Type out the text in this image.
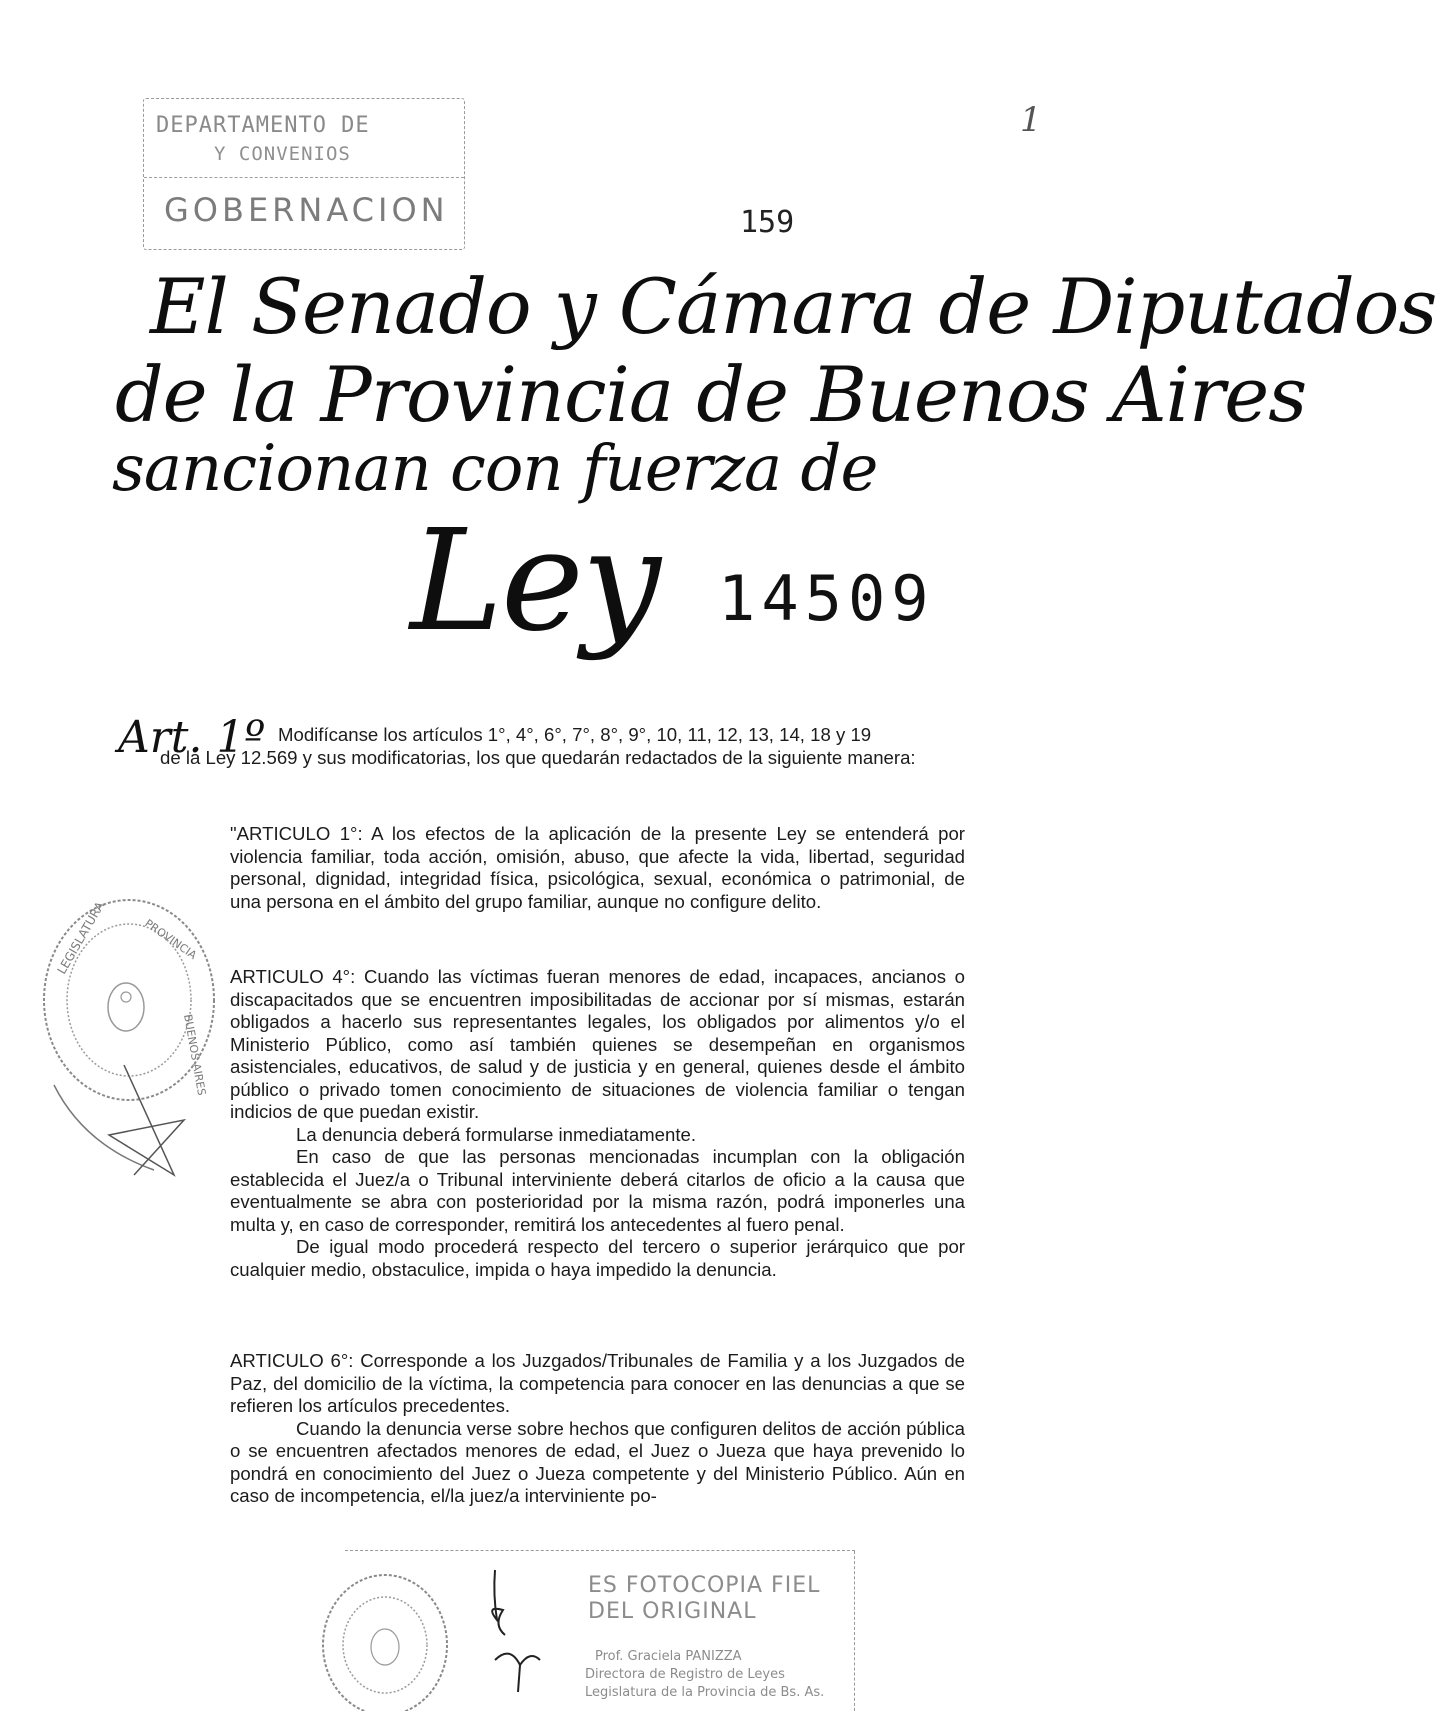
DEPARTAMENTO DE
Y CONVENIOS
GOBERNACION
1
159
El Senado y Cámara de Diputados
de la Provincia de Buenos Aires
sancionan con fuerza de
Ley 14509
Art. 1º Modifícanse los artículos 1°, 4°, 6°, 7°, 8°, 9°, 10, 11, 12, 13, 14, 18 y 19
de la Ley 12.569 y sus modificatorias, los que quedarán redactados de la siguiente manera:

"ARTICULO 1°: A los efectos de la aplicación de la presente Ley se entenderá por violencia familiar, toda acción, omisión, abuso, que afecte la vida, libertad, seguridad personal, dignidad, integridad física, psicológica, sexual, económica o patrimonial, de una persona en el ámbito del grupo familiar, aunque no configure delito.

ARTICULO 4°: Cuando las víctimas fueran menores de edad, incapaces, ancianos o discapacitados que se encuentren imposibilitadas de accionar por sí mismas, estarán obligados a hacerlo sus representantes legales, los obligados por alimentos y/o el Ministerio Público, como así también quienes se desempeñan en organismos asistenciales, educativos, de salud y de justicia y en general, quienes desde el ámbito público o privado tomen conocimiento de situaciones de violencia familiar o tengan indicios de que puedan existir.

La denuncia deberá formularse inmediatamente.

En caso de que las personas mencionadas incumplan con la obligación establecida el Juez/a o Tribunal interviniente deberá citarlos de oficio a la causa que eventualmente se abra con posterioridad por la misma razón, podrá imponerles una multa y, en caso de corresponder, remitirá los antecedentes al fuero penal.

De igual modo procederá respecto del tercero o superior jerárquico que por cualquier medio, obstaculice, impida o haya impedido la denuncia.

ARTICULO 6°: Corresponde a los Juzgados/Tribunales de Familia y a los Juzgados de Paz, del domicilio de la víctima, la competencia para conocer en las denuncias a que se refieren los artículos precedentes.

Cuando la denuncia verse sobre hechos que configuren delitos de acción pública o se encuentren afectados menores de edad, el Juez o Jueza que haya prevenido lo pondrá en conocimiento del Juez o Jueza competente y del Ministerio Público. Aún en caso de incompetencia, el/la juez/a interviniente po-

LEGISLATURA	PROVINCIA
BUENOS AIRES
ES FOTOCOPIA FIEL
DEL ORIGINAL
Prof. Graciela PANIZZA
Directora de Registro de Leyes
Legislatura de la Provincia de Bs. As.
